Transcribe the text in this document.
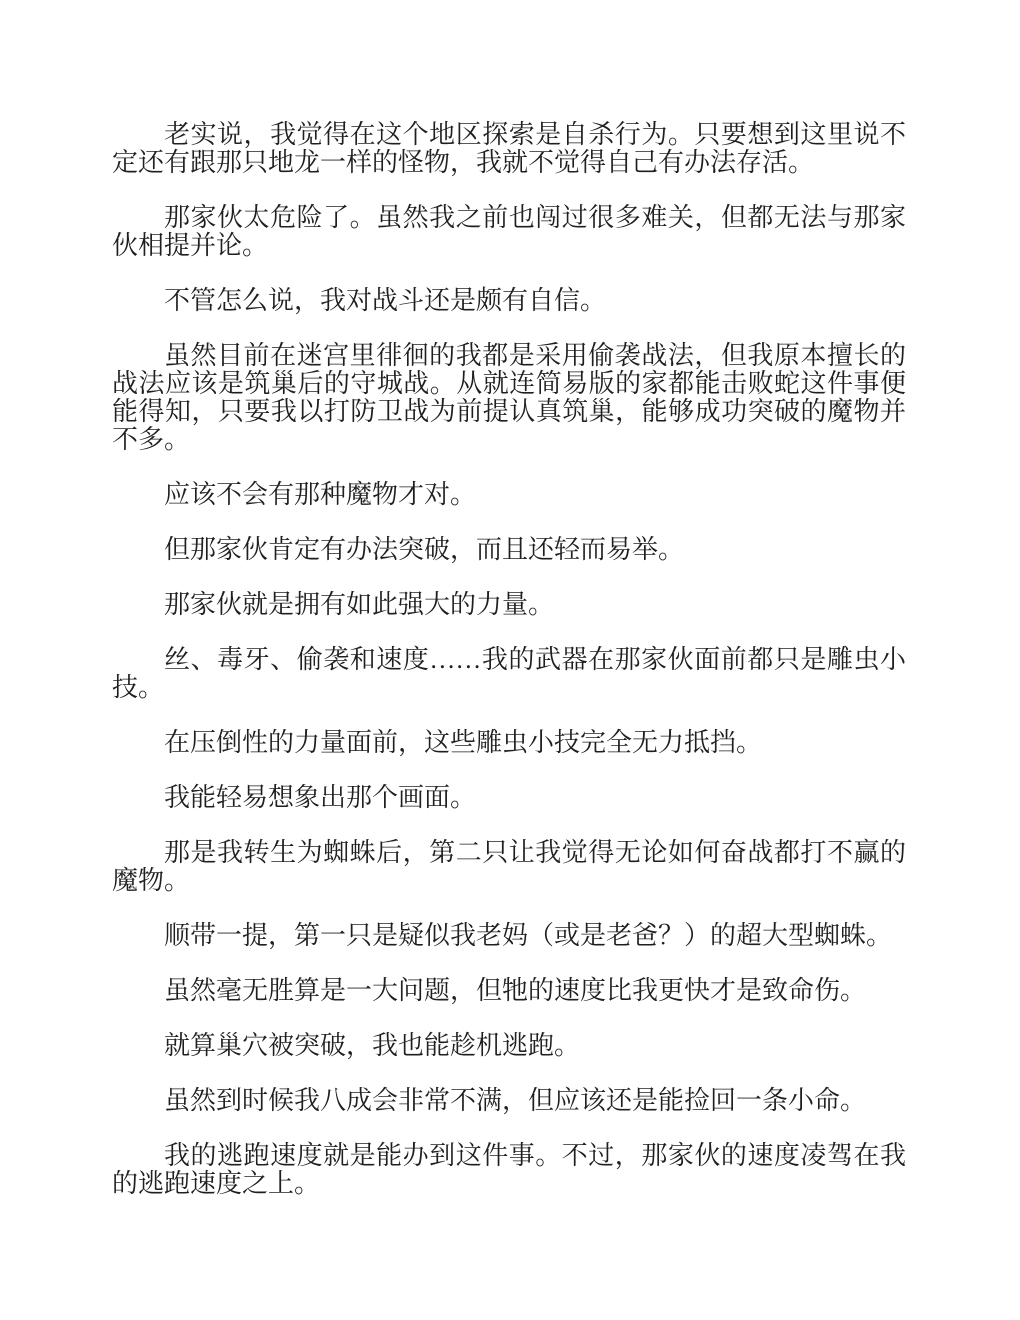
老实说，我觉得在这个地区探索是自杀行为。只要想到这里说不定还有跟那只地龙一样的怪物，我就不觉得自己有办法存活。

那家伙太危险了。虽然我之前也闯过很多难关，但都无法与那家伙相提并论。

不管怎么说，我对战斗还是颇有自信。

虽然目前在迷宫里徘徊的我都是采用偷袭战法，但我原本擅长的战法应该是筑巢后的守城战。从就连简易版的家都能击败蛇这件事便能得知，只要我以打防卫战为前提认真筑巢，能够成功突破的魔物并不多。

应该不会有那种魔物才对。

但那家伙肯定有办法突破，而且还轻而易举。

那家伙就是拥有如此强大的力量。

丝、毒牙、偷袭和速度……我的武器在那家伙面前都只是雕虫小技。

在压倒性的力量面前，这些雕虫小技完全无力抵挡。

我能轻易想象出那个画面。

那是我转生为蜘蛛后，第二只让我觉得无论如何奋战都打不赢的魔物。

顺带一提，第一只是疑似我老妈（或是老爸？）的超大型蜘蛛。

虽然毫无胜算是一大问题，但牠的速度比我更快才是致命伤。

就算巢穴被突破，我也能趁机逃跑。

虽然到时候我八成会非常不满，但应该还是能捡回一条小命。

我的逃跑速度就是能办到这件事。不过，那家伙的速度凌驾在我的逃跑速度之上。
